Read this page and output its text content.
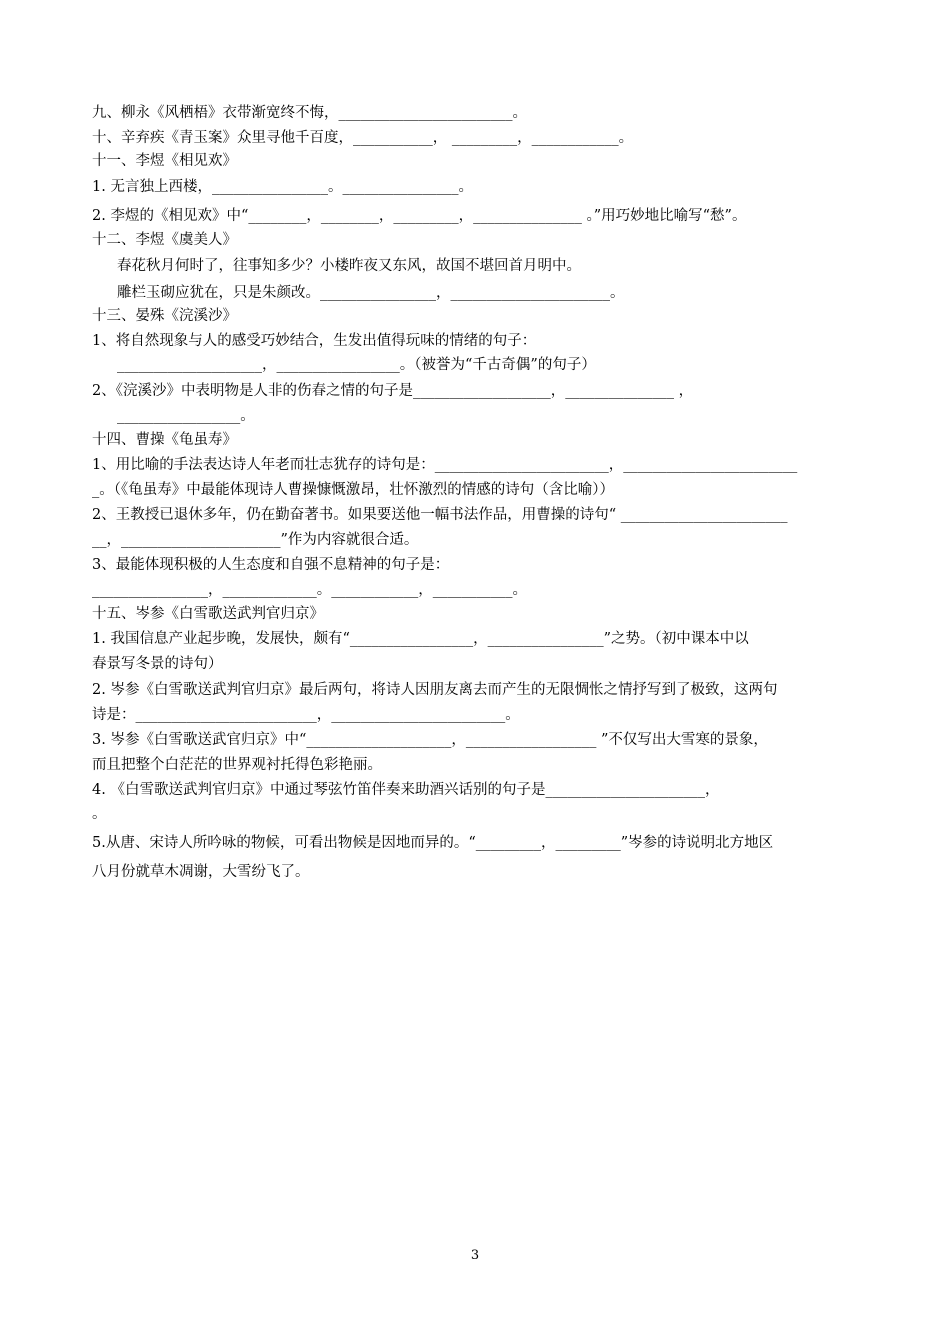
九、柳永《风栖梧》衣带渐宽终不悔，________________________。
十、辛弃疾《青玉案》众里寻他千百度，___________， _________，____________。
十一、李煜《相见欢》
1. 无言独上西楼，________________。________________。
2. 李煜的《相见欢》中“________，________，_________，_______________ 。”用巧妙地比喻写“愁”。
十二、李煜《虞美人》
春花秋月何时了，往事知多少？小楼昨夜又东风，故国不堪回首月明中。
雕栏玉砌应犹在，只是朱颜改。________________，______________________。
十三、晏殊《浣溪沙》
1、将自然现象与人的感受巧妙结合，生发出值得玩味的情绪的句子：
____________________，_________________。（被誉为“千古奇偶”的句子）
2、《浣溪沙》中表明物是人非的伤春之情的句子是___________________，_______________ ，
_________________。
十四、曹操《龟虽寿》
1、用比喻的手法表达诗人年老而壮志犹存的诗句是：________________________，________________________
_。（《龟虽寿》中最能体现诗人曹操慷慨激昂，壮怀激烈的情感的诗句（含比喻））
2、王教授已退休多年，仍在勤奋著书。如果要送他一幅书法作品，用曹操的诗句“ _______________________
__，______________________”作为内容就很合适。
3、最能体现积极的人生态度和自强不息精神的句子是：
________________，_____________。____________，___________。
十五、岑参《白雪歌送武判官归京》
1. 我国信息产业起步晚，发展快，颇有“_________________，________________”之势。（初中课本中以
春景写冬景的诗句）
2. 岑参《白雪歌送武判官归京》最后两句，将诗人因朋友离去而产生的无限惆怅之情抒写到了极致，这两句
诗是：_________________________，________________________。
3. 岑参《白雪歌送武官归京》中“____________________，__________________ ”不仅写出大雪寒的景象，
而且把整个白茫茫的世界观衬托得色彩艳丽。
4. 《白雪歌送武判官归京》中通过琴弦竹笛伴奏来助酒兴话别的句子是______________________，
。
5.从唐、宋诗人所吟咏的物候，可看出物候是因地而异的。“_________，_________”岑参的诗说明北方地区
八月份就草木凋谢，大雪纷飞了。
3
